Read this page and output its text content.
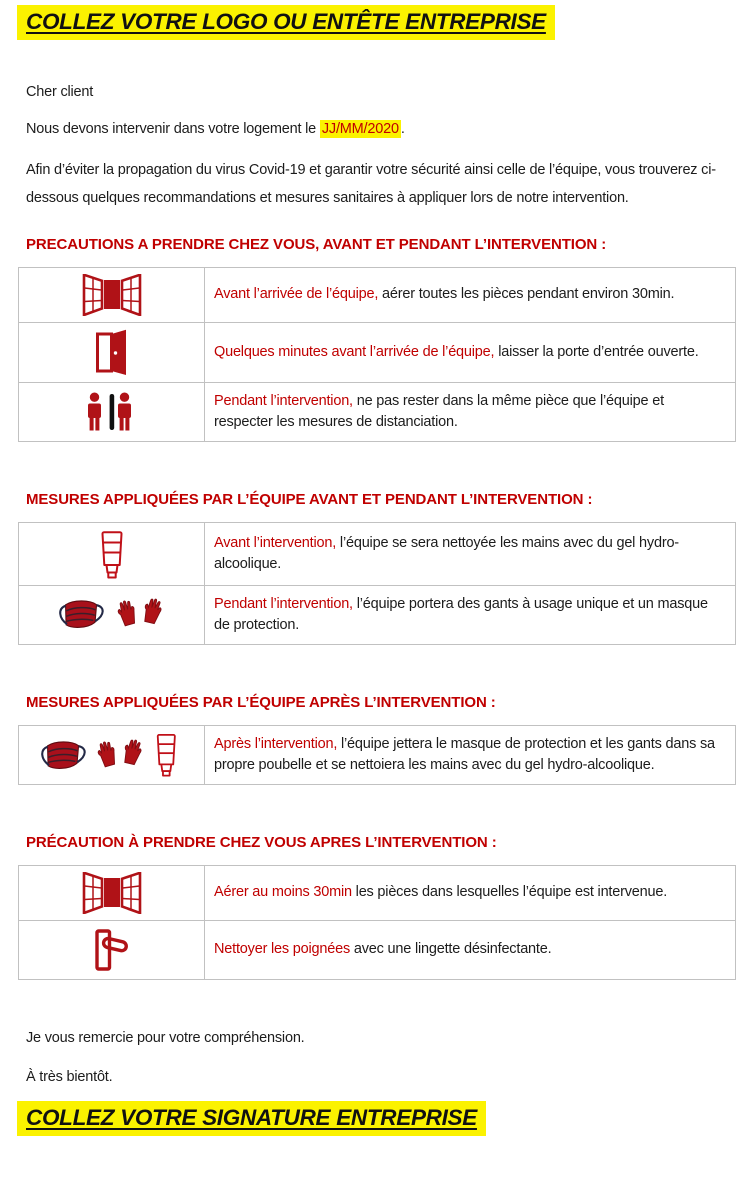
COLLEZ VOTRE LOGO OU ENTÊTE ENTREPRISE

Cher client

Nous devons intervenir dans votre logement le JJ/MM/2020 .

Afin d’éviter la propagation du virus Covid-19 et garantir votre sécurité ainsi celle de l’équipe, vous trouverez ci-dessous quelques recommandations et mesures sanitaires à appliquer lors de notre intervention.

PRECAUTIONS A PRENDRE CHEZ VOUS, AVANT ET PENDANT L’INTERVENTION :
	Avant l’arrivée de l’équipe, aérer toutes les pièces pendant environ 30min.

	Quelques minutes avant l’arrivée de l’équipe, laisser la porte d’entrée ouverte.

	Pendant l’intervention, ne pas rester dans la même pièce que l’équipe et respecter les mesures de distanciation.
MESURES APPLIQUÉES PAR L’ÉQUIPE AVANT ET PENDANT L’INTERVENTION :
	Avant l’intervention, l’équipe se sera nettoyée les mains avec du gel hydro-alcoolique.

	Pendant l’intervention, l’équipe portera des gants à usage unique et un masque de protection.
MESURES APPLIQUÉES PAR L’ÉQUIPE APRÈS L’INTERVENTION :
	Après l’intervention, l’équipe jettera le masque de protection et les gants dans sa propre poubelle et se nettoiera les mains avec du gel hydro-alcoolique.
PRÉCAUTION À PRENDRE CHEZ VOUS APRES L’INTERVENTION :
	Aérer au moins 30min les pièces dans lesquelles l’équipe est intervenue.

	Nettoyer les poignées avec une lingette désinfectante.

Je vous remercie pour votre compréhension.

À très bientôt.

COLLEZ VOTRE SIGNATURE ENTREPRISE
